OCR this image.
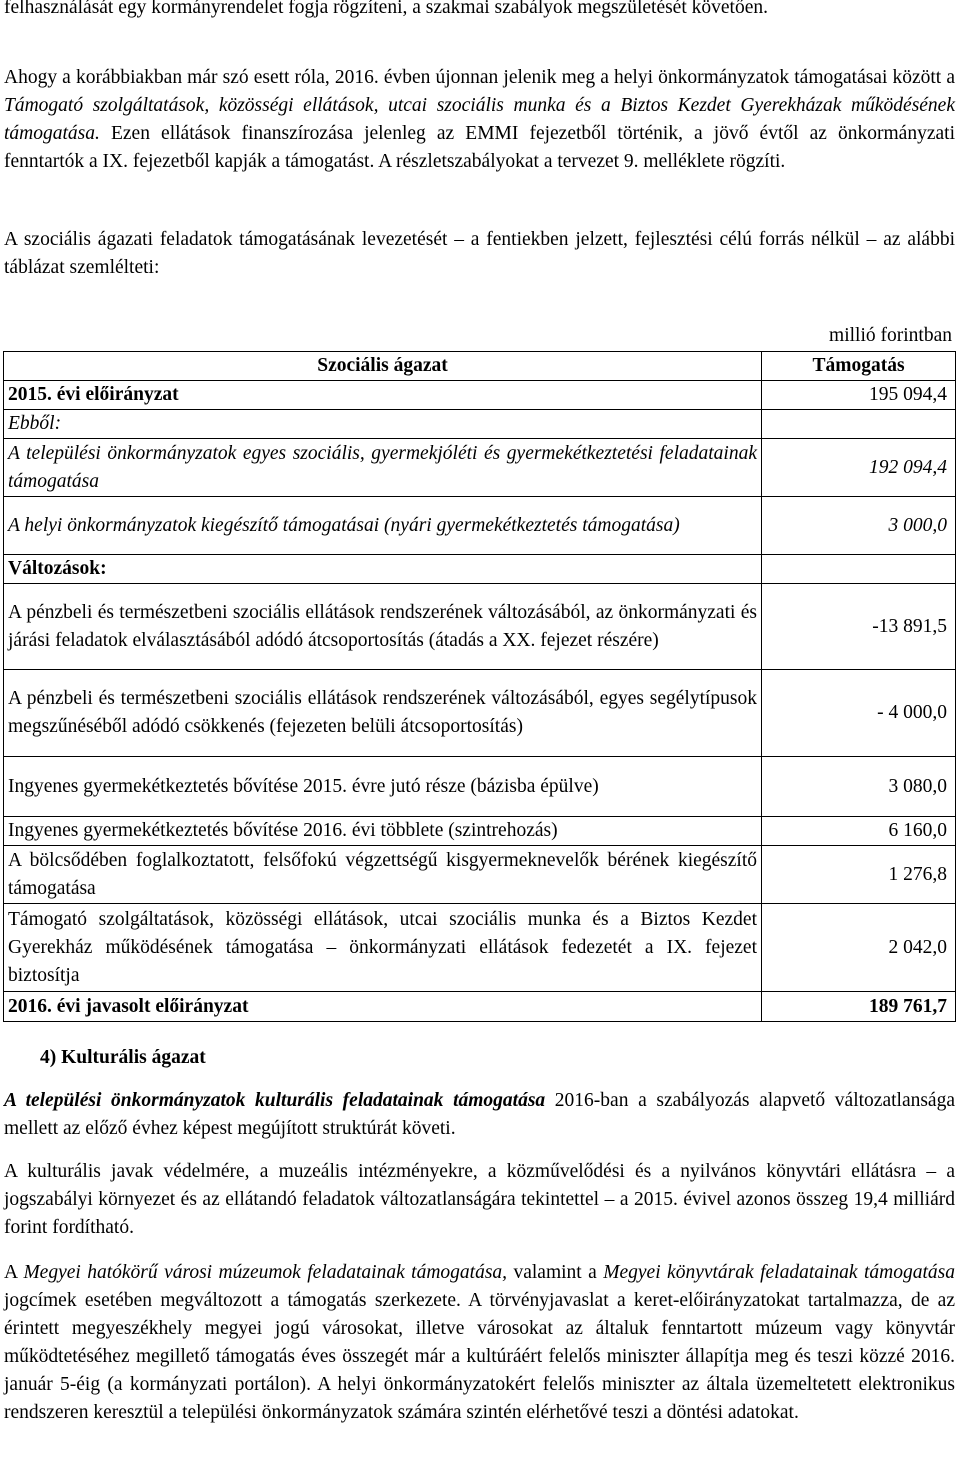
felhasználását egy kormányrendelet fogja rögzíteni, a szakmai szabályok megszületését követően.

Ahogy a korábbiakban már szó esett róla, 2016. évben újonnan jelenik meg a helyi önkormányzatok támogatásai között a Támogató szolgáltatások, közösségi ellátások, utcai szociális munka és a Biztos Kezdet Gyerekházak működésének támogatása. Ezen ellátások finanszírozása jelenleg az EMMI fejezetből történik, a jövő évtől az önkormányzati fenntartók a IX. fejezetből kapják a támogatást. A részletszabályokat a tervezet 9. melléklete rögzíti.

A szociális ágazati feladatok támogatásának levezetését – a fentiekben jelzett, fejlesztési célú forrás nélkül – az alábbi táblázat szemlélteti:

millió forintban
Szociális ágazat	Támogatás
2015. évi előirányzat	195 094,4
Ebből:	
A települési önkormányzatok egyes szociális, gyermekjóléti és gyermekétkeztetési feladatainak támogatása	192 094,4
A helyi önkormányzatok kiegészítő támogatásai (nyári gyermekétkeztetés támogatása)	3 000,0
Változások:	
A pénzbeli és természetbeni szociális ellátások rendszerének változásából, az önkormányzati és járási feladatok elválasztásából adódó átcsoportosítás (átadás a XX. fejezet részére)	-13 891,5
A pénzbeli és természetbeni szociális ellátások rendszerének változásából, egyes segélytípusok megszűnéséből adódó csökkenés (fejezeten belüli átcsoportosítás)	- 4 000,0
Ingyenes gyermekétkeztetés bővítése 2015. évre jutó része (bázisba épülve)	3 080,0
Ingyenes gyermekétkeztetés bővítése 2016. évi többlete (szintrehozás)	6 160,0
A bölcsődében foglalkoztatott, felsőfokú végzettségű kisgyermeknevelők bérének kiegészítő támogatása	1 276,8
Támogató szolgáltatások, közösségi ellátások, utcai szociális munka és a Biztos Kezdet Gyerekház működésének támogatása – önkormányzati ellátások fedezetét a IX. fejezet biztosítja	2 042,0
2016. évi javasolt előirányzat	189 761,7
4) Kulturális ágazat

A települési önkormányzatok kulturális feladatainak támogatása 2016-ban a szabályozás alapvető változatlansága mellett az előző évhez képest megújított struktúrát követi.

A kulturális javak védelmére, a muzeális intézményekre, a közművelődési és a nyilvános könyvtári ellátásra – a jogszabályi környezet és az ellátandó feladatok változatlanságára tekintettel – a 2015. évivel azonos összeg 19,4 milliárd forint fordítható.

A Megyei hatókörű városi múzeumok feladatainak támogatása, valamint a Megyei könyvtárak feladatainak támogatása jogcímek esetében megváltozott a támogatás szerkezete. A törvényjavaslat a keret-előirányzatokat tartalmazza, de az érintett megyeszékhely megyei jogú városokat, illetve városokat az általuk fenntartott múzeum vagy könyvtár működtetéséhez megillető támogatás éves összegét már a kultúráért felelős miniszter állapítja meg és teszi közzé 2016. január 5-éig (a kormányzati portálon). A helyi önkormányzatokért felelős miniszter az általa üzemeltetett elektronikus rendszeren keresztül a települési önkormányzatok számára szintén elérhetővé teszi a döntési adatokat.
